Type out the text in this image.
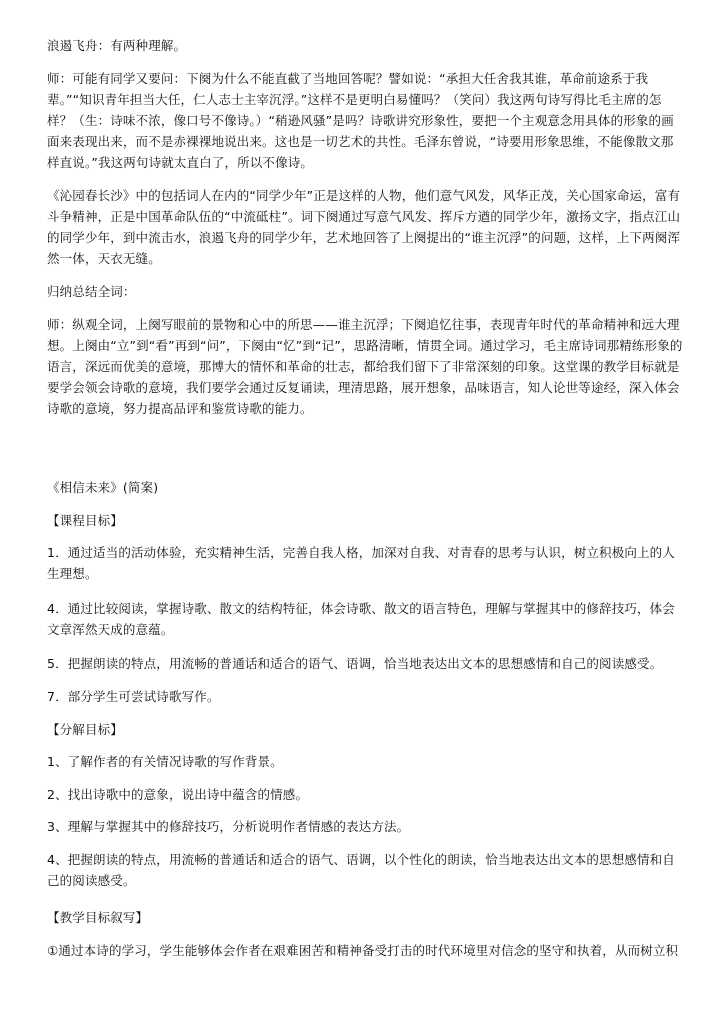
浪遏飞舟：有两种理解。

师：可能有同学又要问：下阕为什么不能直截了当地回答呢？譬如说：“承担大任舍我其谁，革命前途系于我辈。”“知识青年担当大任，仁人志士主宰沉浮。”这样不是更明白易懂吗？（笑问）我这两句诗写得比毛主席的怎样？（生：诗味不浓，像口号不像诗。）“稍逊风骚”是吗？诗歌讲究形象性，要把一个主观意念用具体的形象的画面来表现出来，而不是赤裸裸地说出来。这也是一切艺术的共性。毛泽东曾说，“诗要用形象思维，不能像散文那样直说。”我这两句诗就太直白了，所以不像诗。

《沁园春长沙》中的包括词人在内的“同学少年”正是这样的人物，他们意气风发，风华正茂，关心国家命运，富有斗争精神，正是中国革命队伍的“中流砥柱”。词下阕通过写意气风发、挥斥方遒的同学少年，激扬文字，指点江山的同学少年，到中流击水，浪遏飞舟的同学少年，艺术地回答了上阕提出的“谁主沉浮”的问题，这样，上下两阕浑然一体，天衣无缝。

归纳总结全词：

师：纵观全词，上阕写眼前的景物和心中的所思——谁主沉浮；下阕追忆往事，表现青年时代的革命精神和远大理想。上阕由“立”到“看”再到“问”，下阕由“忆”到“记”，思路清晰，情贯全词。通过学习，毛主席诗词那精练形象的语言，深远而优美的意境，那博大的情怀和革命的壮志，都给我们留下了非常深刻的印象。这堂课的教学目标就是要学会领会诗歌的意境，我们要学会通过反复诵读，理清思路，展开想象，品味语言，知人论世等途经，深入体会诗歌的意境，努力提高品评和鉴赏诗歌的能力。

《相信未来》(简案)

【课程目标】

1．通过适当的活动体验，充实精神生活，完善自我人格，加深对自我、对青春的思考与认识，树立积极向上的人生理想。

4．通过比较阅读，掌握诗歌、散文的结构特征，体会诗歌、散文的语言特色，理解与掌握其中的修辞技巧，体会文章浑然天成的意蕴。

5．把握朗读的特点，用流畅的普通话和适合的语气、语调，恰当地表达出文本的思想感情和自己的阅读感受。

7．部分学生可尝试诗歌写作。

【分解目标】

1、了解作者的有关情况诗歌的写作背景。

2、找出诗歌中的意象，说出诗中蕴含的情感。

3、理解与掌握其中的修辞技巧，分析说明作者情感的表达方法。

4、把握朗读的特点，用流畅的普通话和适合的语气、语调，以个性化的朗读，恰当地表达出文本的思想感情和自己的阅读感受。

【教学目标叙写】

①通过本诗的学习，学生能够体会作者在艰难困苦和精神备受打击的时代环境里对信念的坚守和执着，从而树立积
